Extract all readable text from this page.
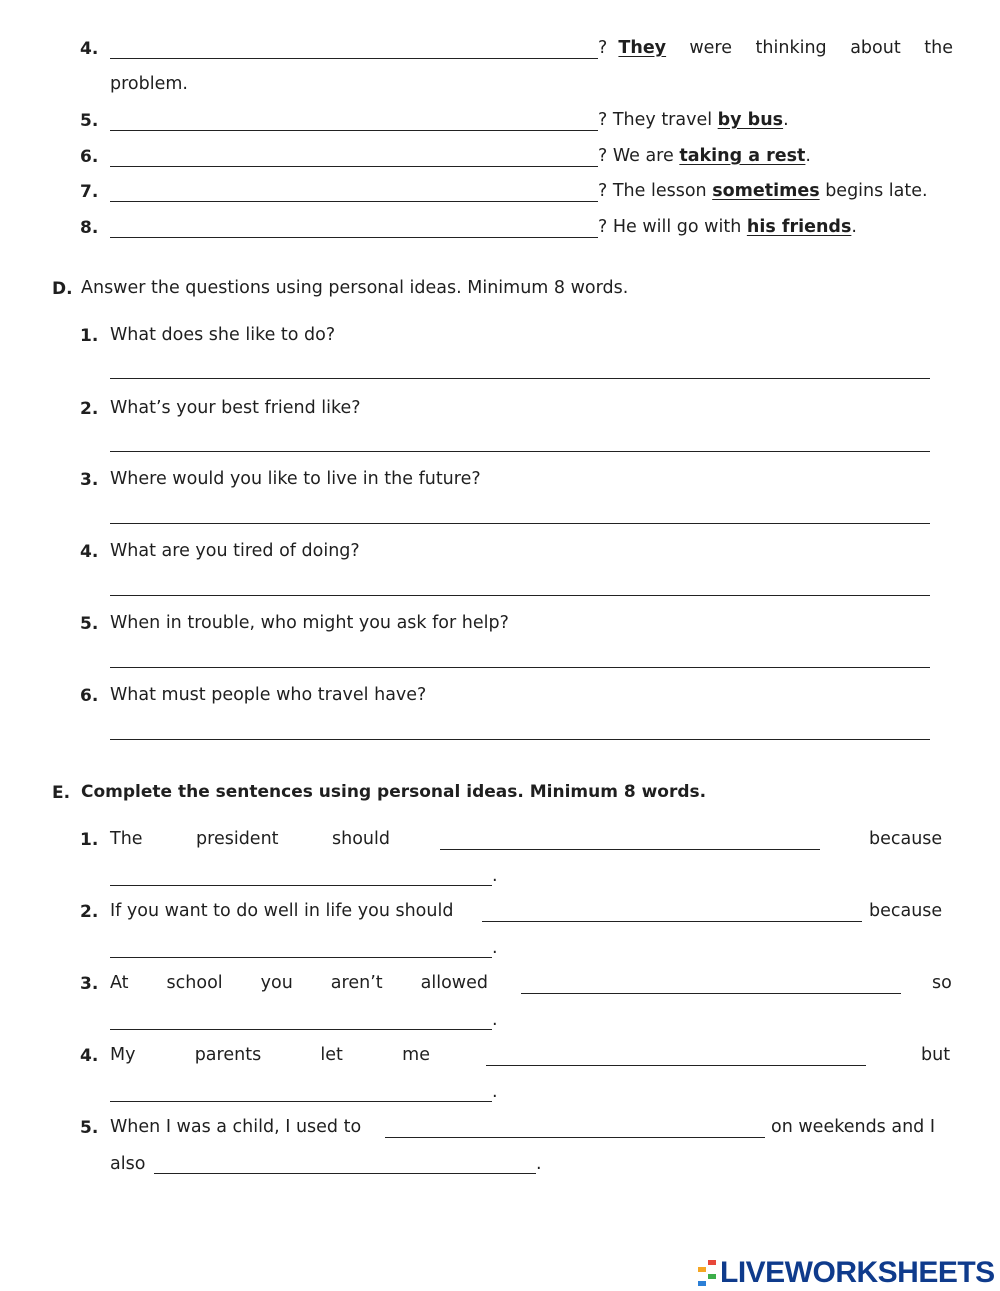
4.	?  They were thinking about the
problem.
5.	? They travel by bus.
6.	? We are taking a rest.
7.	? The lesson sometimes begins late.
8.	? He will go with his friends.
D. Answer the questions using personal ideas. Minimum 8 words.
1. What does she like to do?
2. What’s your best friend like?
3. Where would you like to live in the future?
4. What are you tired of doing?
5. When in trouble, who might you ask for help?
6. What must people who travel have?
E. Complete the sentences using personal ideas. Minimum 8 words.
1. The	president	should	because
.
2. If you want to do well in life you should	because
.
3. At school you aren’t allowed	so
.
4. My	parents	let	me	but
.
5. When I was a child, I used to	on weekends and I
also	.
LIVEWORKSHEETS
